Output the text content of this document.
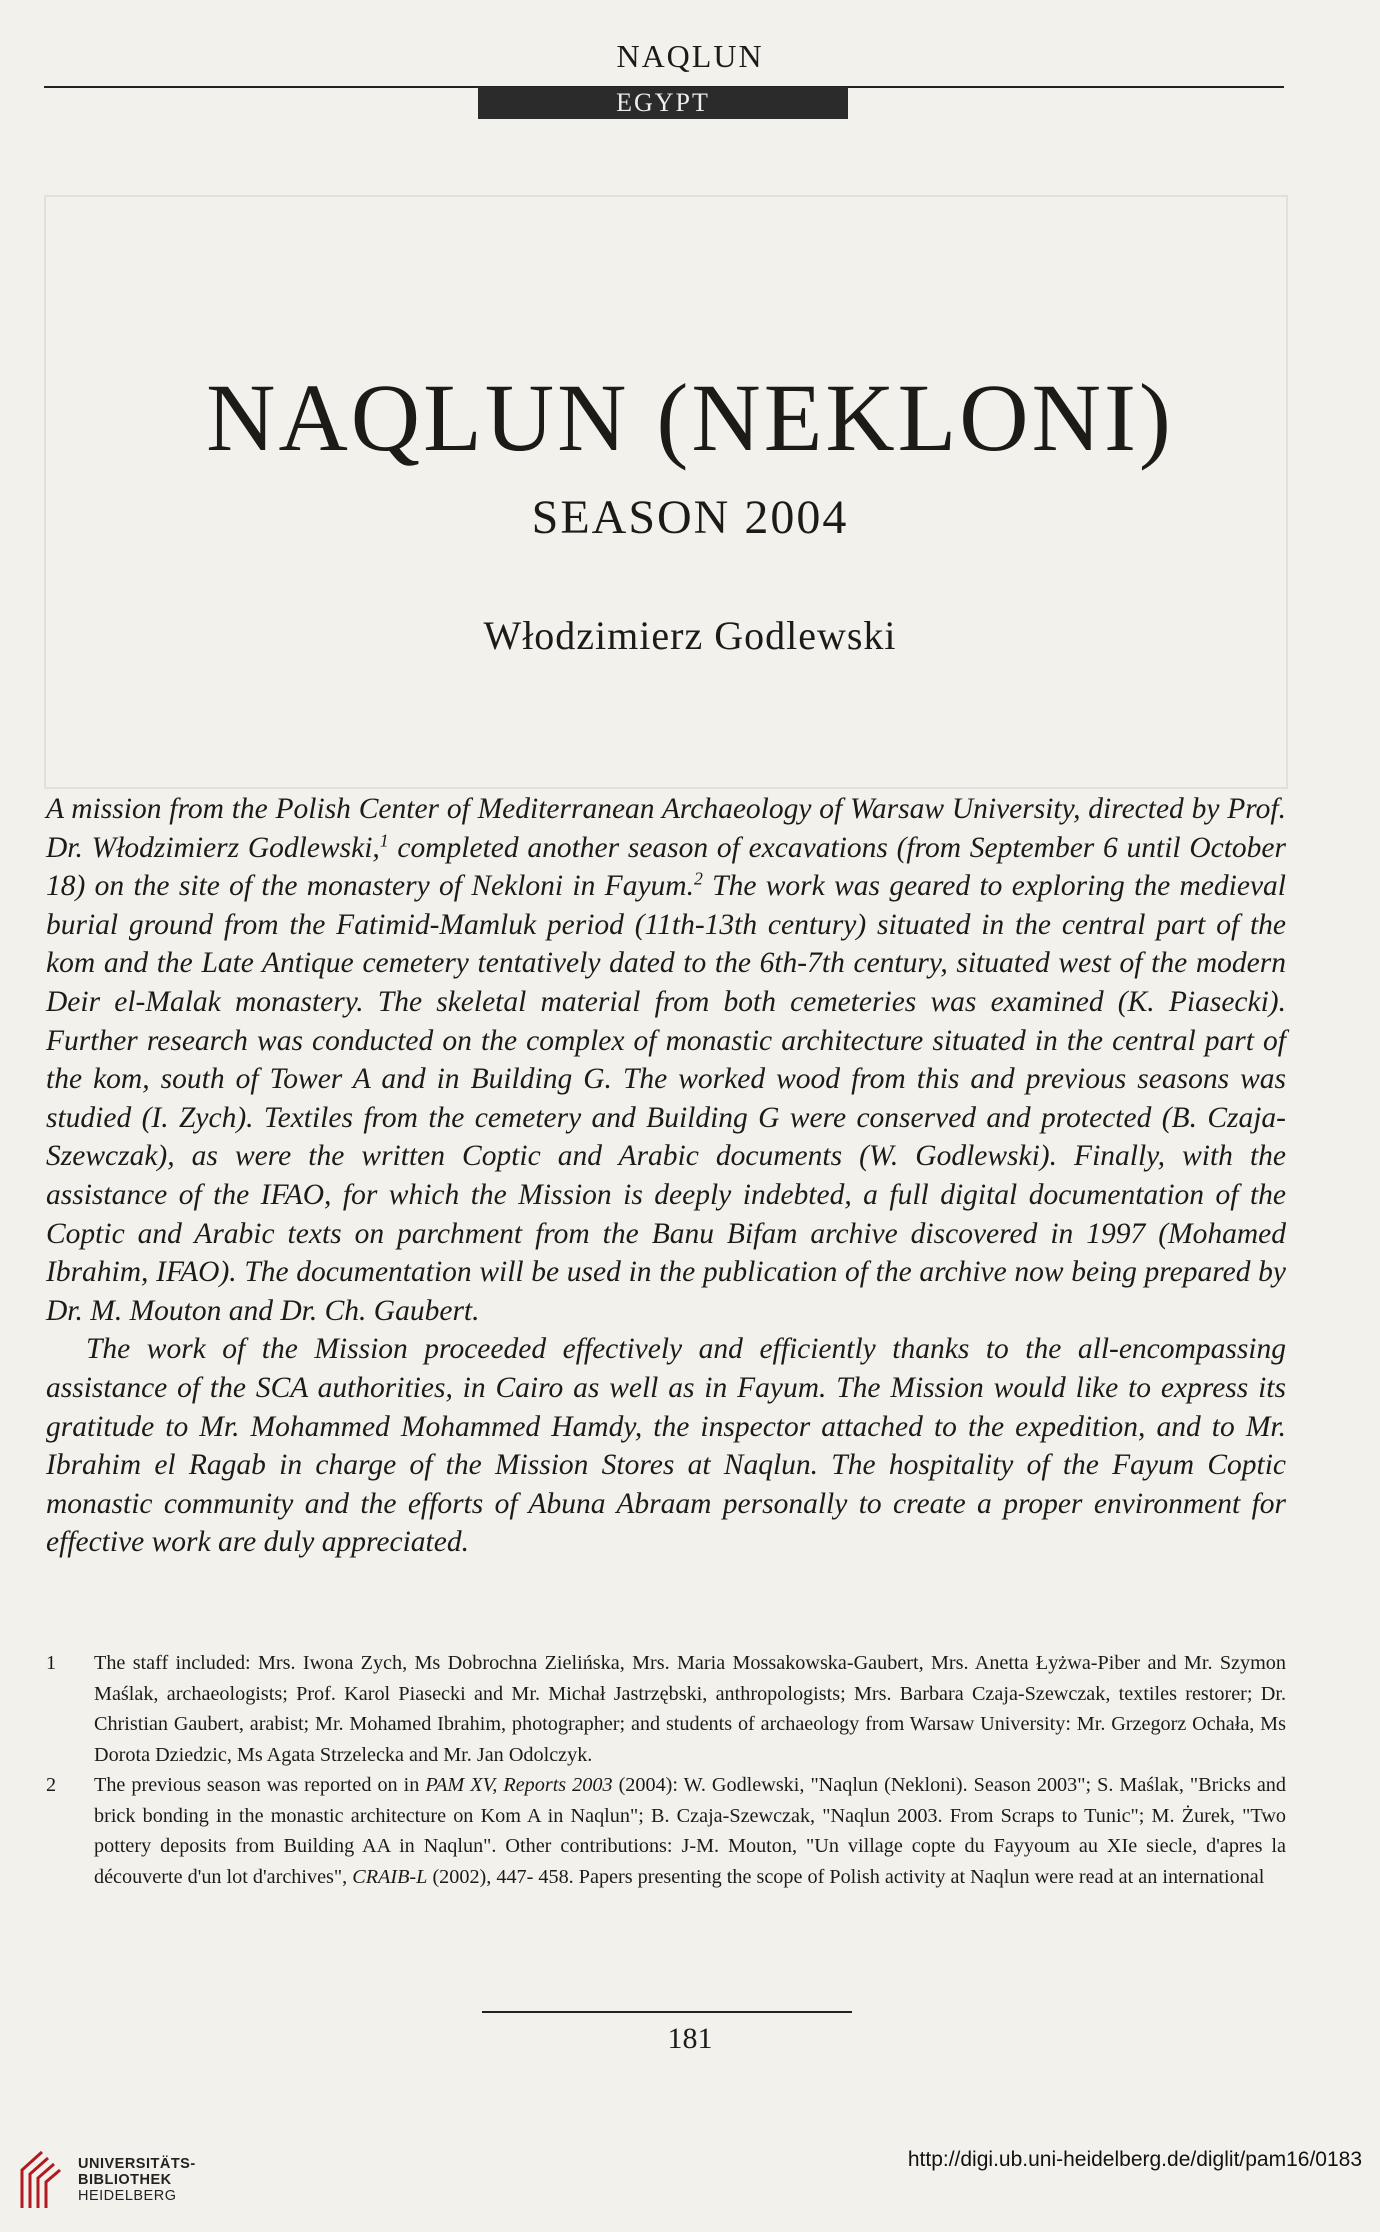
NAQLUN
EGYPT
NAQLUN (NEKLONI)
SEASON 2004
Włodzimierz Godlewski

A mission from the Polish Center of Mediterranean Archaeology of Warsaw University, directed by Prof. Dr. Włodzimierz Godlewski,$^1$ completed another season of excavations (from September 6 until October 18) on the site of the monastery of Nekloni in Fayum.$^2$ The work was geared to exploring the medieval burial ground from the Fatimid-Mamluk period (11th-13th century) situated in the central part of the kom and the Late Antique cemetery tentatively dated to the 6th-7th century, situated west of the modern Deir el-Malak monastery. The skeletal material from both cemeteries was examined (K. Piasecki). Further research was conducted on the complex of monastic architecture situated in the central part of the kom, south of Tower A and in Building G. The worked wood from this and previous seasons was studied (I. Zych). Textiles from the cemetery and Building G were conserved and protected (B. Czaja-Szewczak), as were the written Coptic and Arabic documents (W. Godlewski). Finally, with the assistance of the IFAO, for which the Mission is deeply indebted, a full digital documentation of the Coptic and Arabic texts on parchment from the Banu Bifam archive discovered in 1997 (Mohamed Ibrahim, IFAO). The documentation will be used in the publication of the archive now being prepared by Dr. M. Mouton and Dr. Ch. Gaubert.

The work of the Mission proceeded effectively and efficiently thanks to the all-encompassing assistance of the SCA authorities, in Cairo as well as in Fayum. The Mission would like to express its gratitude to Mr. Mohammed Mohammed Hamdy, the inspector attached to the expedition, and to Mr. Ibrahim el Ragab in charge of the Mission Stores at Naqlun. The hospitality of the Fayum Coptic monastic community and the efforts of Abuna Abraam personally to create a proper environment for effective work are duly appreciated.

1	The staff included: Mrs. Iwona Zych, Ms Dobrochna Zielińska, Mrs. Maria Mossakowska-Gaubert, Mrs. Anetta Łyżwa-Piber and Mr. Szymon Maślak, archaeologists; Prof. Karol Piasecki and Mr. Michał Jastrzębski, anthropologists; Mrs. Barbara Czaja-Szewczak, textiles restorer; Dr. Christian Gaubert, arabist; Mr. Mohamed Ibrahim, photographer; and students of archaeology from Warsaw University: Mr. Grzegorz Ochała, Ms Dorota Dziedzic, Ms Agata Strzelecka and Mr. Jan Odolczyk.

2	The previous season was reported on in PAM XV, Reports 2003 (2004): W. Godlewski, "Naqlun (Nekloni). Season 2003"; S. Maślak, "Bricks and brick bonding in the monastic architecture on Kom A in Naqlun"; B. Czaja-Szewczak, "Naqlun 2003. From Scraps to Tunic"; M. Żurek, "Two pottery deposits from Building AA in Naqlun". Other contributions: J-M. Mouton, "Un village copte du Fayyoum au XIe siecle, d'apres la découverte d'un lot d'archives", CRAIB-L (2002), 447- 458. Papers presenting the scope of Polish activity at Naqlun were read at an international

181
UNIVERSITÄTS-
BIBLIOTHEK
HEIDELBERG
http://digi.ub.uni-heidelberg.de/diglit/pam16/0183
